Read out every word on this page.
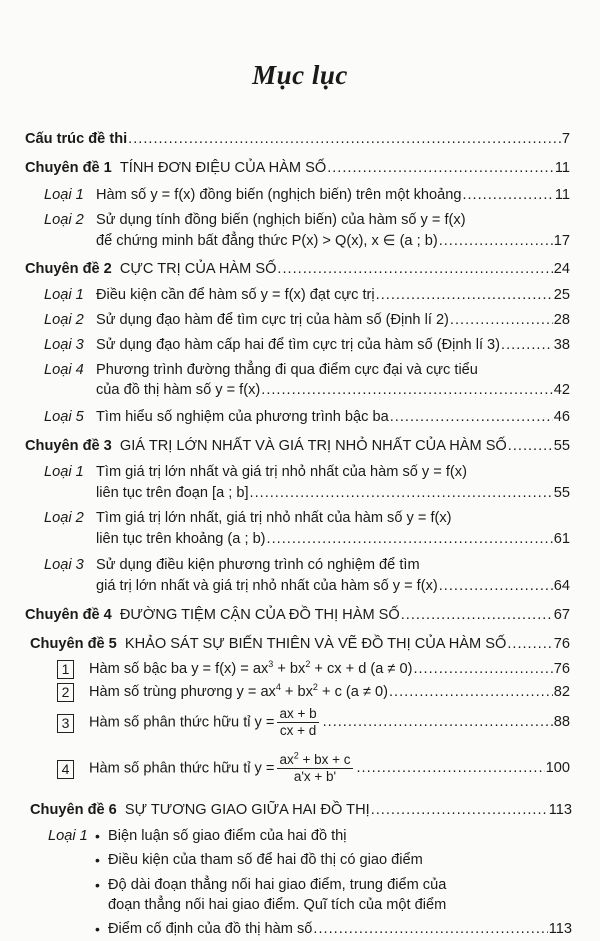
Mục lục
Cấu trúc đề thi .....	7
Chuyên đề 1 TÍNH ĐƠN ĐIỆU CỦA HÀM SỐ .....	11
Loại 1 Hàm số y = f(x) đồng biến (nghịch biến) trên một khoảng .....	11
Loại 2 Sử dụng tính đồng biến (nghịch biến) của hàm số y = f(x)
để chứng minh bất đẳng thức P(x) > Q(x), x ∈ (a ; b) .....	17
Chuyên đề 2 CỰC TRỊ CỦA HÀM SỐ .....	24
Loại 1 Điều kiện cần để hàm số y = f(x) đạt cực trị .....	25
Loại 2 Sử dụng đạo hàm để tìm cực trị của hàm số (Định lí 2) .....	28
Loại 3 Sử dụng đạo hàm cấp hai để tìm cực trị của hàm số (Định lí 3) .....	38
Loại 4 Phương trình đường thẳng đi qua điểm cực đại và cực tiểu
của đồ thị hàm số y = f(x) .....	42
Loại 5 Tìm hiểu số nghiệm của phương trình bậc ba .....	46
Chuyên đề 3 GIÁ TRỊ LỚN NHẤT VÀ GIÁ TRỊ NHỎ NHẤT CỦA HÀM SỐ .....	55
Loại 1 Tìm giá trị lớn nhất và giá trị nhỏ nhất của hàm số y = f(x)
liên tục trên đoạn [a ; b] .....	55
Loại 2 Tìm giá trị lớn nhất, giá trị nhỏ nhất của hàm số y = f(x)
liên tục trên khoảng (a ; b) .....	61
Loại 3 Sử dụng điều kiện phương trình có nghiệm để tìm
giá trị lớn nhất và giá trị nhỏ nhất của hàm số y = f(x) .....	64
Chuyên đề 4 ĐƯỜNG TIỆM CẬN CỦA ĐỒ THỊ HÀM SỐ .....	67
Chuyên đề 5 KHẢO SÁT SỰ BIẾN THIÊN VÀ VẼ ĐỒ THỊ CỦA HÀM SỐ .....	76
1	Hàm số bậc ba $y = f(x) = ax^3 + bx^2$ + cx + d (a ≠ 0) .....	76
2	Hàm số trùng phương $y = ax^4 + bx^2 + c$ (a ≠ 0) .....	82
3	Hàm số phân thức hữu tỉ $y = \frac{ax + b}{cx + d}$ .....	88
4	Hàm số phân thức hữu tỉ $y = \frac{ax^2 + bx + c}{a'x + b'}$ .....	100
Chuyên đề 6 SỰ TƯƠNG GIAO GIỮA HAI ĐỒ THỊ .....	113
Loại 1 • Biện luận số giao điểm của hai đồ thị
• Điều kiện của tham số để hai đồ thị có giao điểm
• Độ dài đoạn thẳng nối hai giao điểm, trung điểm của
đoạn thẳng nối hai giao điểm. Quĩ tích của một điểm
• Điểm cố định của đồ thị hàm số .....	113
